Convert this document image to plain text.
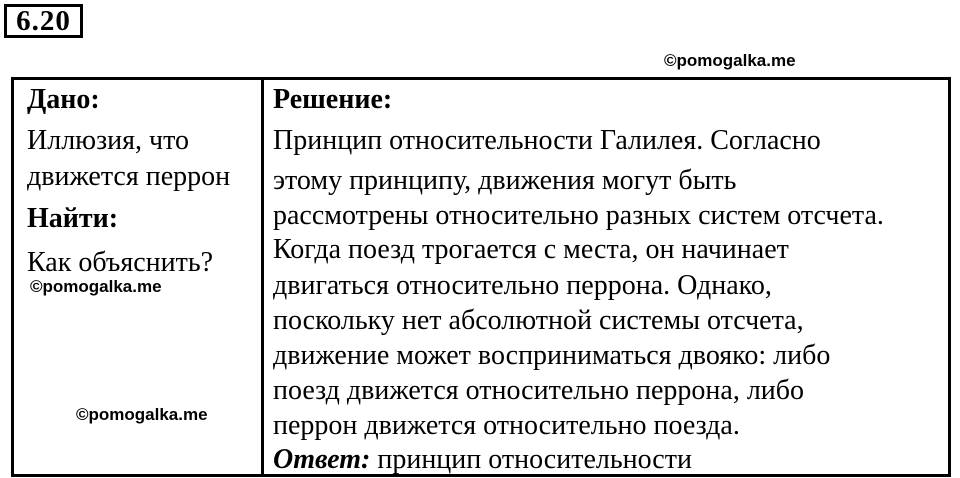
6.20
©pomogalka.me
Дано:
Иллюзия, что
движется перрон
Найти:
Как объяснить?
Решение:
Принцип относительности Галилея. Согласно
этому принципу, движения могут быть
рассмотрены относительно разных систем отсчета.
Когда поезд трогается с места, он начинает
двигаться относительно перрона. Однако,
поскольку нет абсолютной системы отсчета,
движение может восприниматься двояко: либо
поезд движется относительно перрона, либо
перрон движется относительно поезда.
Ответ: принцип относительности
©pomogalka.me
©pomogalka.me
